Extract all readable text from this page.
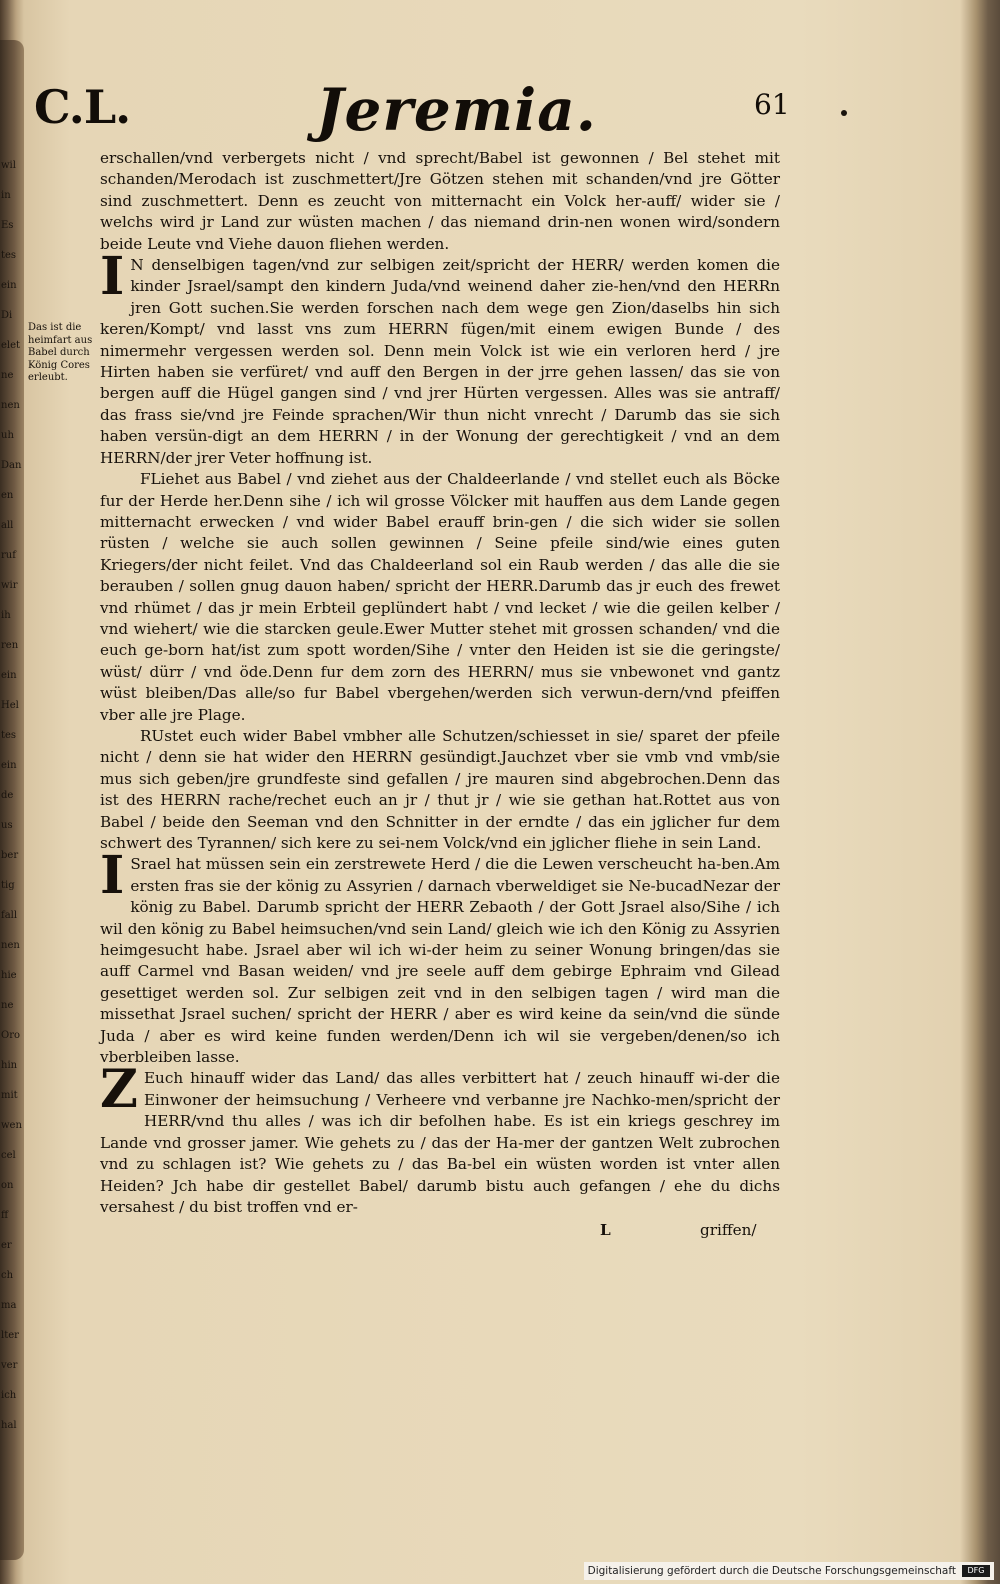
wil
in
Es
tes
ein
Di
elet
ne
nen
uh
Dan
en
all
ruf
wir
ih
ren
ein
Hel
tes
ein
de
us
ber
tig
fall
nen
hie
ne
Oro
hin
mit
wen
cel
on
ff
er
ch
ma
lter
ver
ich
hal
C.L.	Jeremia.	61
Das ist die heimfart aus Babel durch König Cores erleubt.

erschallen/vnd verbergets nicht / vnd sprecht/Babel ist gewonnen / Bel stehet mit schanden/Merodach ist zuschmettert/Jre Götzen stehen mit schanden/vnd jre Götter sind zuschmettert. Denn es zeucht von mitternacht ein Volck her-auff/ wider sie / welchs wird jr Land zur wüsten machen / das niemand drin-nen wonen wird/sondern beide Leute vnd Viehe dauon fliehen werden.

IN denselbigen tagen/vnd zur selbigen zeit/spricht der HERR/ werden komen die kinder Jsrael/sampt den kindern Juda/vnd weinend daher zie-hen/vnd den HERRn jren Gott suchen.Sie werden forschen nach dem wege gen Zion/daselbs hin sich keren/Kompt/ vnd lasst vns zum HERRN fügen/mit einem ewigen Bunde / des nimermehr vergessen werden sol. Denn mein Volck ist wie ein verloren herd / jre Hirten haben sie verfüret/ vnd auff den Bergen in der jrre gehen lassen/ das sie von bergen auff die Hügel gangen sind / vnd jrer Hürten vergessen. Alles was sie antraff/ das frass sie/vnd jre Feinde sprachen/Wir thun nicht vnrecht / Darumb das sie sich haben versün-digt an dem HERRN / in der Wonung der gerechtigkeit / vnd an dem HERRN/der jrer Veter hoffnung ist.

FLiehet aus Babel / vnd ziehet aus der Chaldeerlande / vnd stellet euch als Böcke fur der Herde her.Denn sihe / ich wil grosse Völcker mit hauffen aus dem Lande gegen mitternacht erwecken / vnd wider Babel erauff brin-gen / die sich wider sie sollen rüsten / welche sie auch sollen gewinnen / Seine pfeile sind/wie eines guten Kriegers/der nicht feilet. Vnd das Chaldeerland sol ein Raub werden / das alle die sie berauben / sollen gnug dauon haben/ spricht der HERR.Darumb das jr euch des frewet vnd rhümet / das jr mein Erbteil geplündert habt / vnd lecket / wie die geilen kelber / vnd wiehert/ wie die starcken geule.Ewer Mutter stehet mit grossen schanden/ vnd die euch ge-born hat/ist zum spott worden/Sihe / vnter den Heiden ist sie die geringste/ wüst/ dürr / vnd öde.Denn fur dem zorn des HERRN/ mus sie vnbewonet vnd gantz wüst bleiben/Das alle/so fur Babel vbergehen/werden sich verwun-dern/vnd pfeiffen vber alle jre Plage.

RUstet euch wider Babel vmbher alle Schutzen/schiesset in sie/ sparet der pfeile nicht / denn sie hat wider den HERRN gesündigt.Jauchzet vber sie vmb vnd vmb/sie mus sich geben/jre grundfeste sind gefallen / jre mauren sind abgebrochen.Denn das ist des HERRN rache/rechet euch an jr / thut jr / wie sie gethan hat.Rottet aus von Babel / beide den Seeman vnd den Schnitter in der erndte / das ein jglicher fur dem schwert des Tyrannen/ sich kere zu sei-nem Volck/vnd ein jglicher fliehe in sein Land.

ISrael hat müssen sein ein zerstrewete Herd / die die Lewen verscheucht ha-ben.Am ersten fras sie der könig zu Assyrien / darnach vberweldiget sie Ne-bucadNezar der könig zu Babel. Darumb spricht der HERR Zebaoth / der Gott Jsrael also/Sihe / ich wil den könig zu Babel heimsuchen/vnd sein Land/ gleich wie ich den König zu Assyrien heimgesucht habe. Jsrael aber wil ich wi-der heim zu seiner Wonung bringen/das sie auff Carmel vnd Basan weiden/ vnd jre seele auff dem gebirge Ephraim vnd Gilead gesettiget werden sol. Zur selbigen zeit vnd in den selbigen tagen / wird man die missethat Jsrael suchen/ spricht der HERR / aber es wird keine da sein/vnd die sünde Juda / aber es wird keine funden werden/Denn ich wil sie vergeben/denen/so ich vberbleiben lasse.

ZEuch hinauff wider das Land/ das alles verbittert hat / zeuch hinauff wi-der die Einwoner der heimsuchung / Verheere vnd verbanne jre Nachko-men/spricht der HERR/vnd thu alles / was ich dir befolhen habe. Es ist ein kriegs geschrey im Lande vnd grosser jamer. Wie gehets zu / das der Ha-mer der gantzen Welt zubrochen vnd zu schlagen ist? Wie gehets zu / das Ba-bel ein wüsten worden ist vnter allen Heiden? Jch habe dir gestellet Babel/ darumb bistu auch gefangen / ehe du dichs versahest / du bist troffen vnd er-

L	griffen/
Digitalisierung gefördert durch die Deutsche Forschungsgemeinschaft	DFG
